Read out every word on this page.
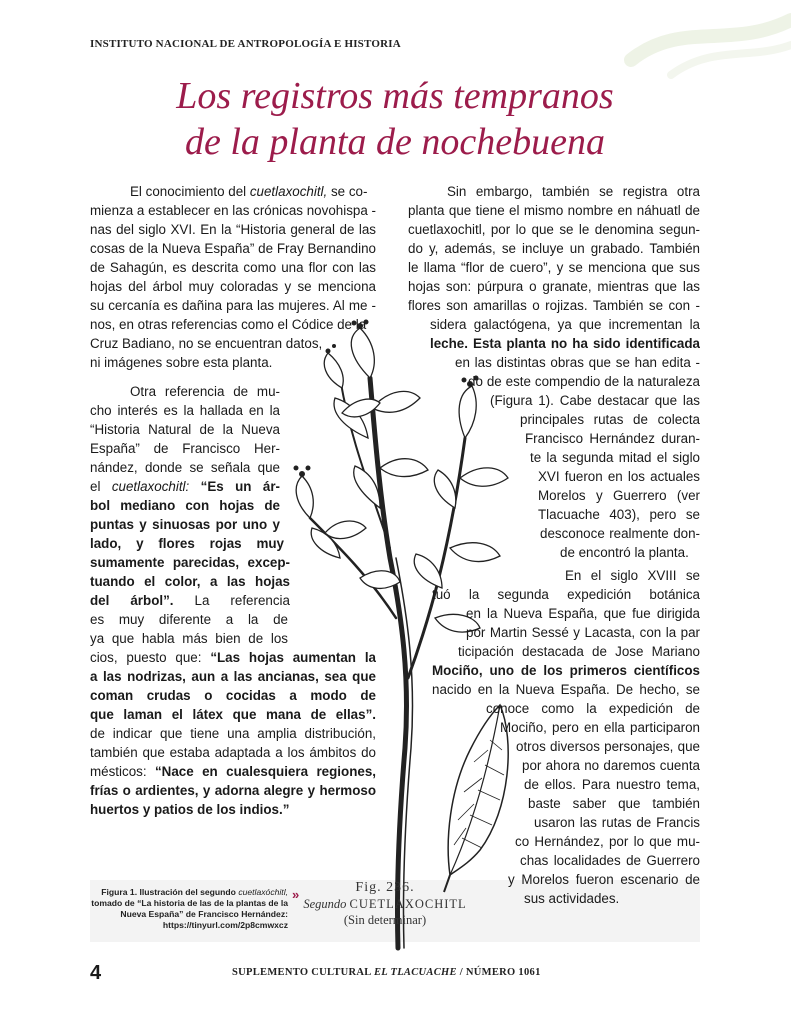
INSTITUTO NACIONAL DE ANTROPOLOGÍA E HISTORIA
Los registros más tempranos
de la planta de nochebuena
El conocimiento del cuetlaxochitl, se co-
mienza a establecer en las crónicas novohispa -
nas del siglo XVI. En la “Historia general de las
cosas de la Nueva España” de Fray Bernandino
de Sahagún, es descrita como una flor con las
hojas del árbol muy coloradas y se menciona
su cercanía es dañina para las mujeres. Al me -
nos, en otras referencias como el Códice de la
Cruz Badiano, no se encuentran datos,
ni imágenes sobre esta planta.
Otra referencia de mu-
cho interés es la hallada en la
“Historia Natural de la Nueva
España” de Francisco Her-
nández, donde se señala que
el cuetlaxochitl: “Es un ár-
bol mediano con hojas de
puntas y sinuosas por uno y
lado, y flores rojas muy
sumamente parecidas, excep-
tuando el color, a las hojas
del árbol”. La referencia
es muy diferente a la de
ya que habla más bien de los
cios, puesto que: “Las hojas aumentan la
a las nodrizas, aun a las ancianas, sea que
coman crudas o cocidas a modo de
que laman el látex que mana de ellas”.
de indicar que tiene una amplia distribución,
también que estaba adaptada a los ámbitos do
mésticos: “Nace en cualesquiera regiones,
frías o ardientes, y adorna alegre y hermoso
huertos y patios de los indios.”
Sin embargo, también se registra otra
planta que tiene el mismo nombre en náhuatl de
cuetlaxochitl, por lo que se le denomina segun-
do y, además, se incluye un grabado. También
le llama “flor de cuero”, y se menciona que sus
hojas son: púrpura o granate, mientras que las
flores son amarillas o rojizas. También se con -
sidera galactógena, ya que incrementan la
leche. Esta planta no ha sido identificada
en las distintas obras que se han edita -
do de este compendio de la naturaleza
(Figura 1). Cabe destacar que las
principales rutas de colecta
Francisco Hernández duran-
te la segunda mitad el siglo
XVI fueron en los actuales
Morelos y Guerrero (ver
Tlacuache 403), pero se
desconoce realmente don-
de encontró la planta.
En el siglo XVIII se
tuó la segunda expedición botánica
en la Nueva España, que fue dirigida
por Martin Sessé y Lacasta, con la par
ticipación destacada de Jose Mariano
Mociño, uno de los primeros científicos
nacido en la Nueva España. De hecho, se
conoce como la expedición de
Mociño, pero en ella participaron
otros diversos personajes, que
por ahora no daremos cuenta
de ellos. Para nuestro tema,
baste saber que también
usaron las rutas de Francis
co Hernández, por lo que mu-
chas localidades de Guerrero
y Morelos fueron escenario de
sus actividades.
Figura 1. Ilustración del segundo cuetlaxóchitl,
tomado de “La historia de las de la plantas de la
Nueva España” de Francisco Hernández:
https://tinyurl.com/2p8cmwxcz
»	Fig. 236.
Segundo CUETLAXOCHITL
(Sin determinar)
4	SUPLEMENTO CULTURAL EL TLACUACHE / NÚMERO 1061
